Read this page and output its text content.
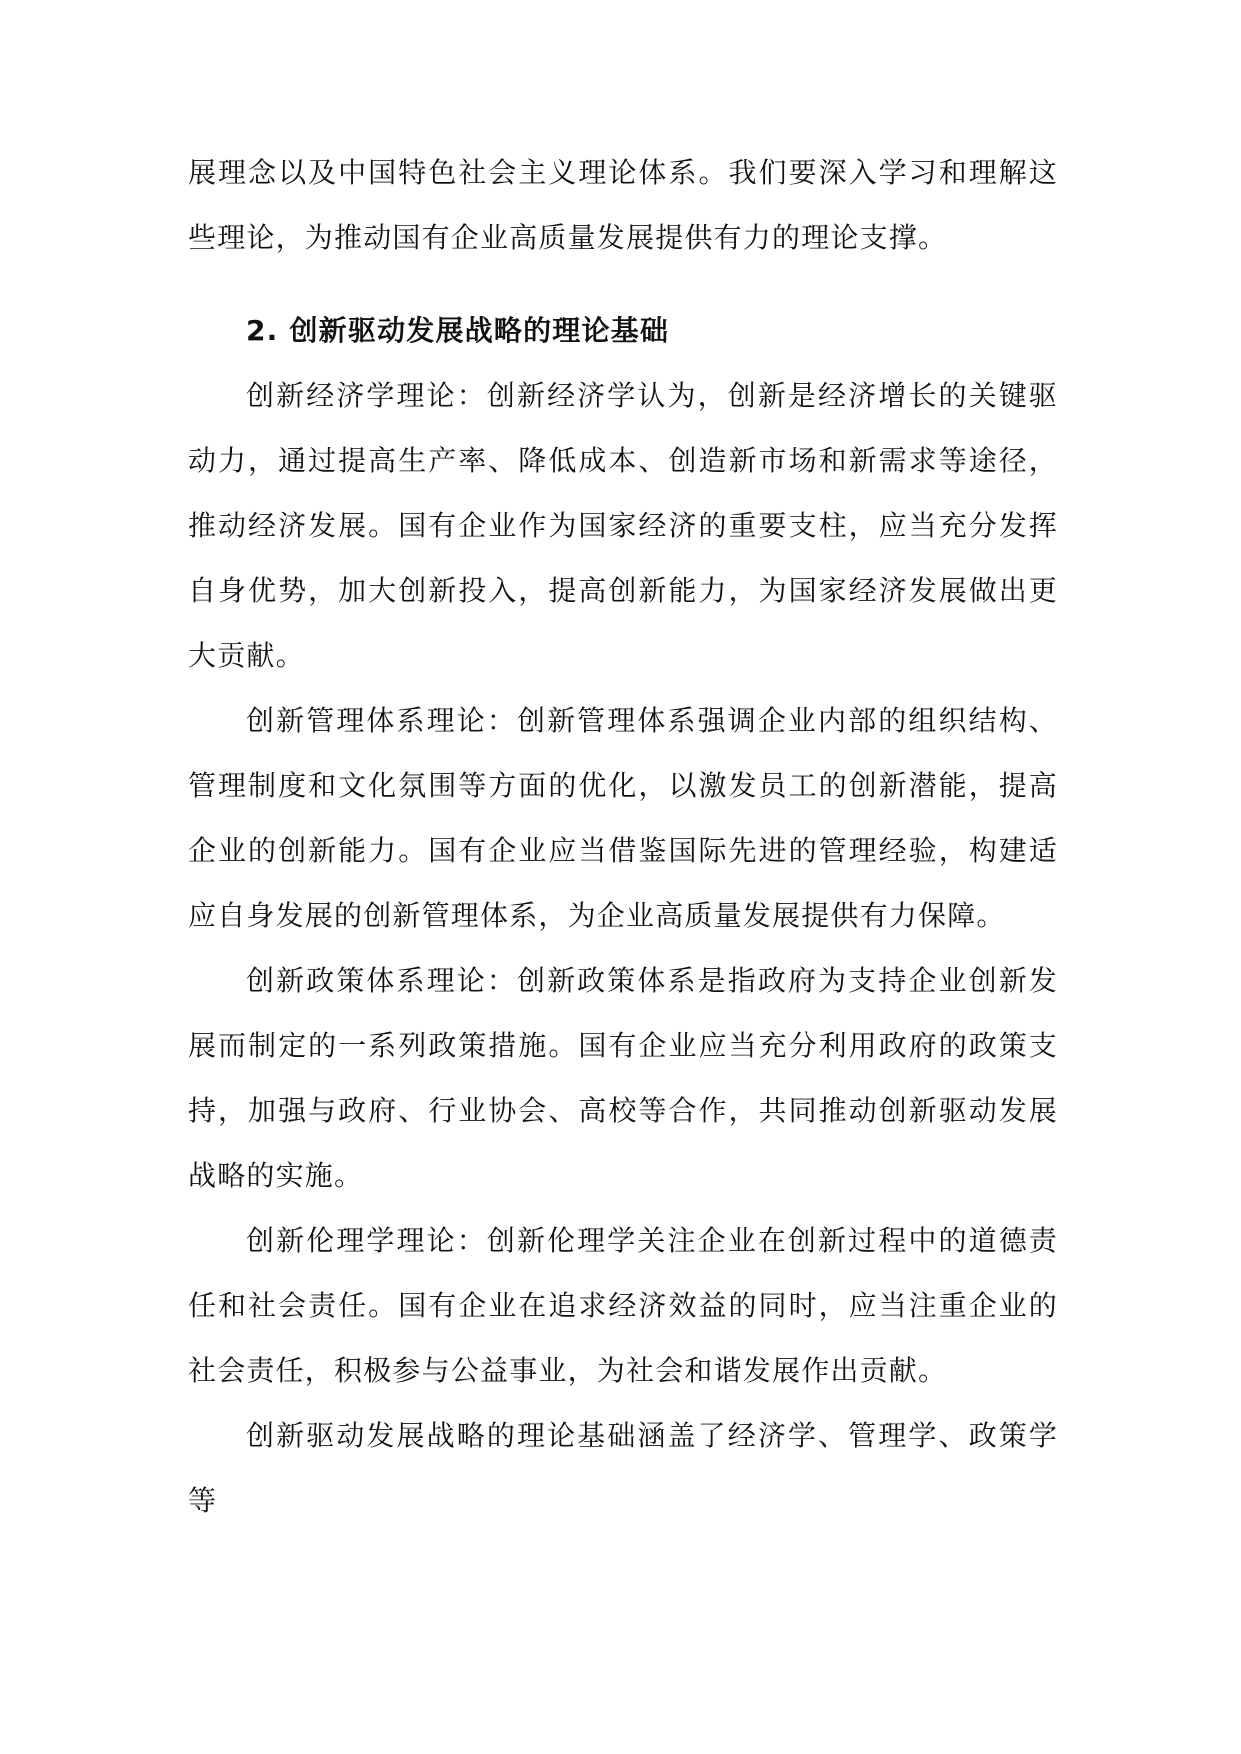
展理念以及中国特色社会主义理论体系。我们要深入学习和理解这些理论，为推动国有企业高质量发展提供有力的理论支撑。

2. 创新驱动发展战略的理论基础

创新经济学理论：创新经济学认为，创新是经济增长的关键驱动力，通过提高生产率、降低成本、创造新市场和新需求等途径，推动经济发展。国有企业作为国家经济的重要支柱，应当充分发挥自身优势，加大创新投入，提高创新能力，为国家经济发展做出更大贡献。

创新管理体系理论：创新管理体系强调企业内部的组织结构、管理制度和文化氛围等方面的优化，以激发员工的创新潜能，提高企业的创新能力。国有企业应当借鉴国际先进的管理经验，构建适应自身发展的创新管理体系，为企业高质量发展提供有力保障。

创新政策体系理论：创新政策体系是指政府为支持企业创新发展而制定的一系列政策措施。国有企业应当充分利用政府的政策支持，加强与政府、行业协会、高校等合作，共同推动创新驱动发展战略的实施。

创新伦理学理论：创新伦理学关注企业在创新过程中的道德责任和社会责任。国有企业在追求经济效益的同时，应当注重企业的社会责任，积极参与公益事业，为社会和谐发展作出贡献。

创新驱动发展战略的理论基础涵盖了经济学、管理学、政策学等
